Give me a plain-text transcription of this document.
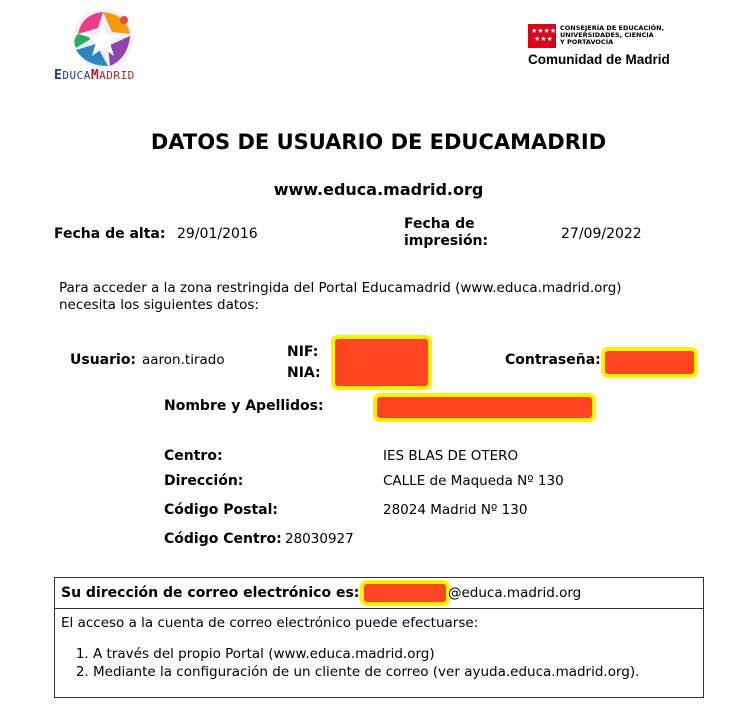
EDUCAMADRID
★★★★
★★★
CONSEJERÍA DE EDUCACIÓN,
UNIVERSIDADES, CIENCIA
Y PORTAVOCÍA
Comunidad de Madrid
DATOS DE USUARIO DE EDUCAMADRID
www.educa.madrid.org
Fecha de alta: 29/01/2016
Fecha de
impresión:	27/09/2022
Para acceder a la zona restringida del Portal Educamadrid (www.educa.madrid.org)
necesita los siguientes datos:
Usuario: aaron.tirado	NIF:
NIA:
Contraseña:
Nombre y Apellidos:
Centro:	IES BLAS DE OTERO
Dirección:	CALLE de Maqueda Nº 130
Código Postal:	28024 Madrid Nº 130
Código Centro: 28030927
Su dirección de correo electrónico es:	@educa.madrid.org
El acceso a la cuenta de correo electrónico puede efectuarse:
1. A través del propio Portal (www.educa.madrid.org)
2. Mediante la configuración de un cliente de correo (ver ayuda.educa.madrid.org).
